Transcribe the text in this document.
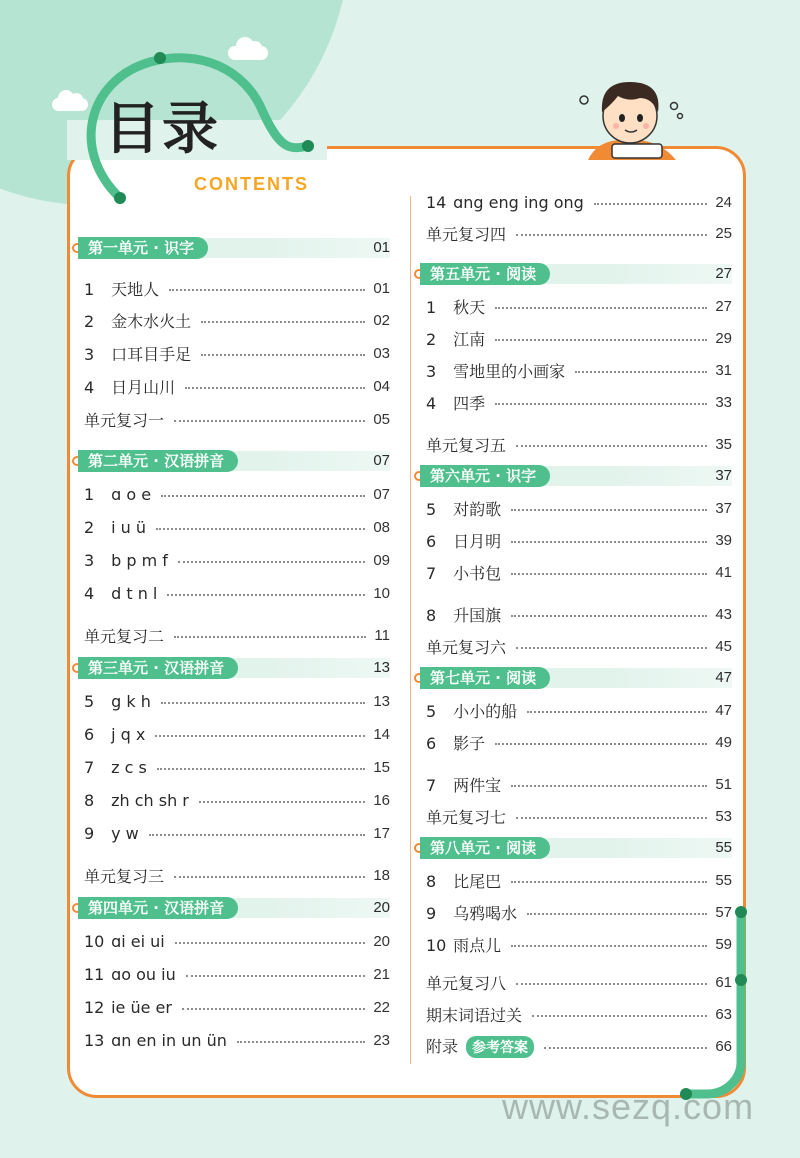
目录
CONTENTS
第一单元 · 识字	01
1 天地人	01
2 金木水火土	02
3 口耳目手足	03
4 日月山川	04
单元复习一	05
第二单元 · 汉语拼音	07
1 ɑ o e	07
2 i u ü	08
3 b p m f	09
4 d t n l	10
单元复习二	11
第三单元 · 汉语拼音	13
5 g k h	13
6 j q x	14
7 z c s	15
8 zh ch sh r	16
9 y w	17
单元复习三	18
第四单元 · 汉语拼音	20
10 ɑi ei ui	20
11 ɑo ou iu	21
12 ie üe er	22
13 ɑn en in un ün	23
14 ɑng eng ing ong	24
单元复习四	25
第五单元 · 阅读	27
1 秋天	27
2 江南	29
3 雪地里的小画家	31
4 四季	33
单元复习五	35
第六单元 · 识字	37
5 对韵歌	37
6 日月明	39
7 小书包	41
8 升国旗	43
单元复习六	45
第七单元 · 阅读	47
5 小小的船	47
6 影子	49
7 两件宝	51
单元复习七	53
第八单元 · 阅读	55
8 比尾巴	55
9 乌鸦喝水	57
10 雨点儿	59
单元复习八	61
期末词语过关	63
附录 参考答案	66
www.sezq.com
